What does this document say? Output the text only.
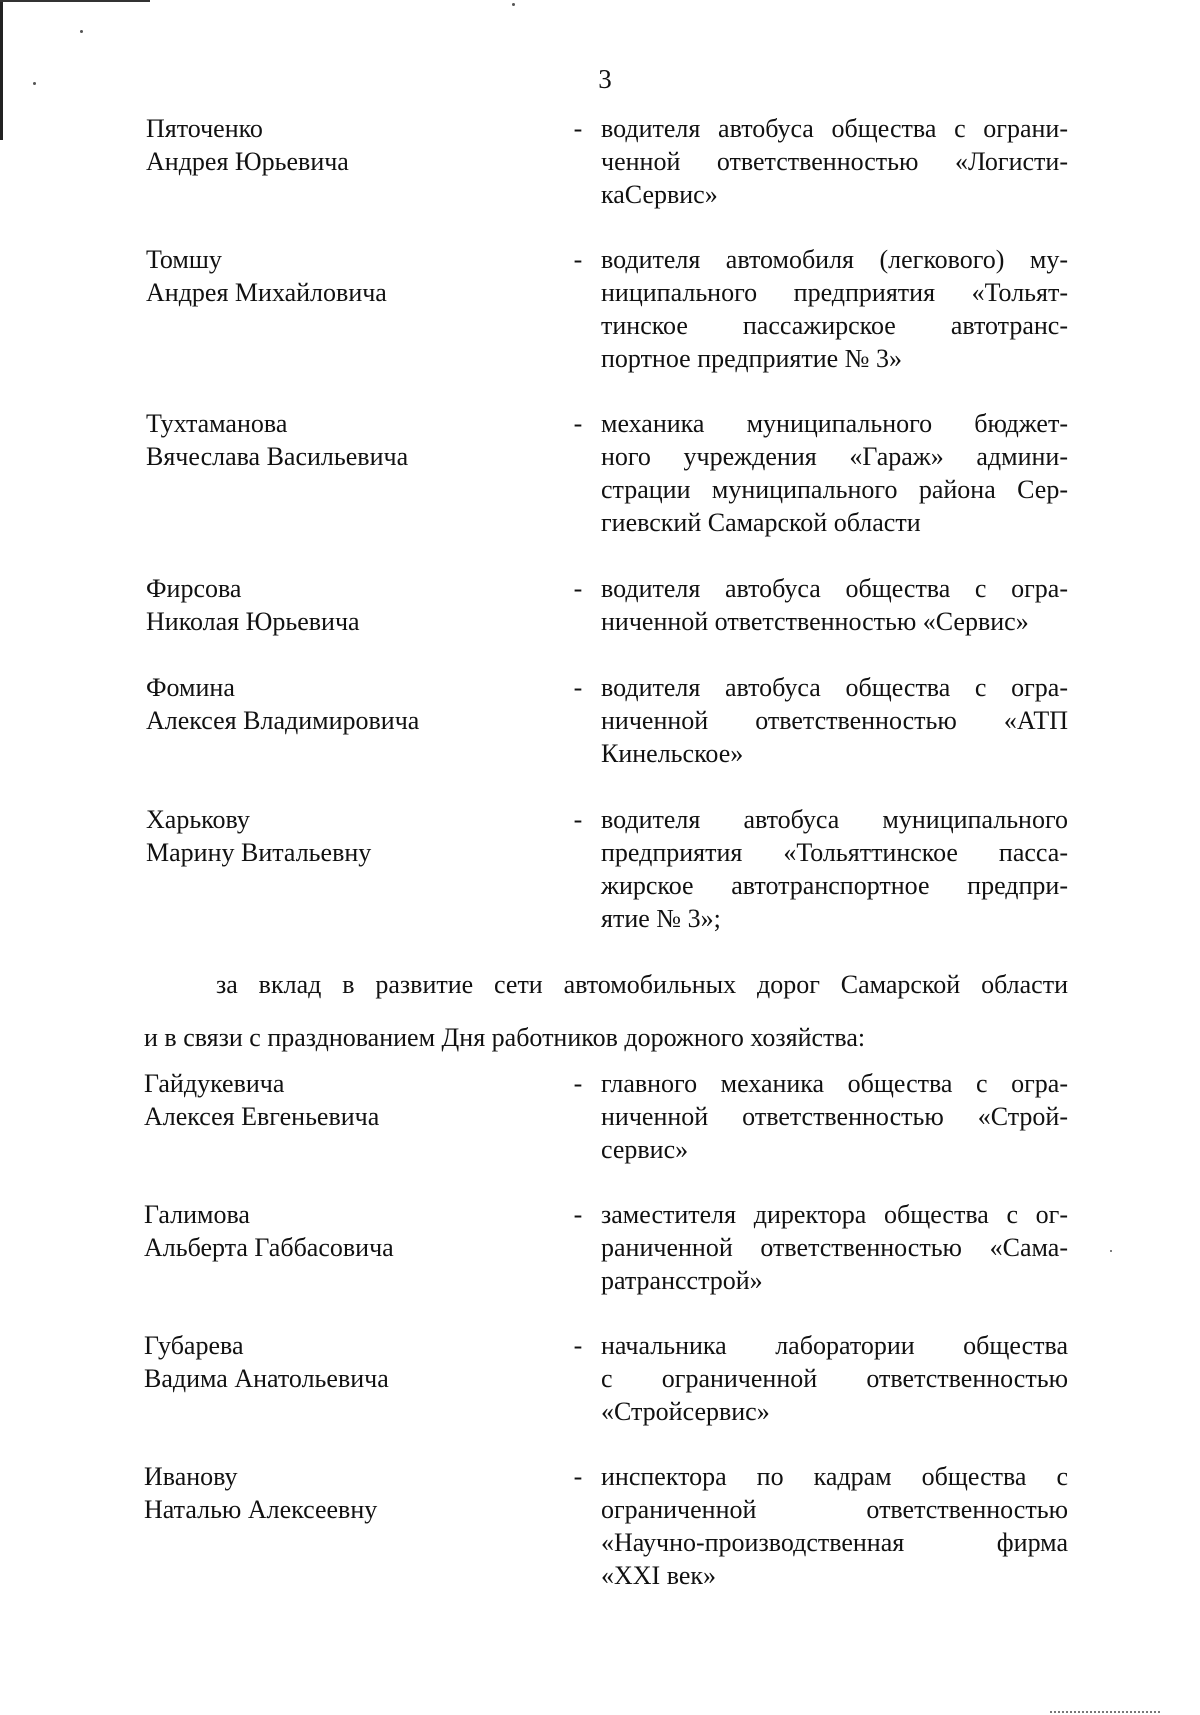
3
Пяточенко
Андрея Юрьевича
- водителя автобуса общества с ограни-
ченной ответственностью «Логисти-
каСервис»
Томшу
Андрея Михайловича
- водителя автомобиля (легкового) му-
ниципального предприятия «Тольят-
тинское пассажирское автотранс-
портное предприятие № 3»
Тухтаманова
Вячеслава Васильевича
- механика муниципального бюджет-
ного учреждения «Гараж» админи-
страции муниципального района Сер-
гиевский Самарской области
Фирсова
Николая Юрьевича
- водителя автобуса общества с огра-
ниченной ответственностью «Сервис»
Фомина
Алексея Владимировича
- водителя автобуса общества с огра-
ниченной ответственностью «АТП
Кинельское»
Харькову
Марину Витальевну
- водителя автобуса муниципального
предприятия «Тольяттинское пасса-
жирское автотранспортное предпри-
ятие № 3»;
за вклад в развитие сети автомобильных дорог Самарской области
и в связи с празднованием Дня работников дорожного хозяйства:
Гайдукевича
Алексея Евгеньевича
- главного механика общества с огра-
ниченной ответственностью «Строй-
сервис»
Галимова
Альберта Габбасовича
- заместителя директора общества с ог-
раниченной ответственностью «Сама-
ратрансстрой»
Губарева
Вадима Анатольевича
- начальника лаборатории общества
с ограниченной ответственностью
«Стройсервис»
Иванову
Наталью Алексеевну
- инспектора по кадрам общества с
ограниченной ответственностью
«Научно-производственная фирма
«XXI век»
